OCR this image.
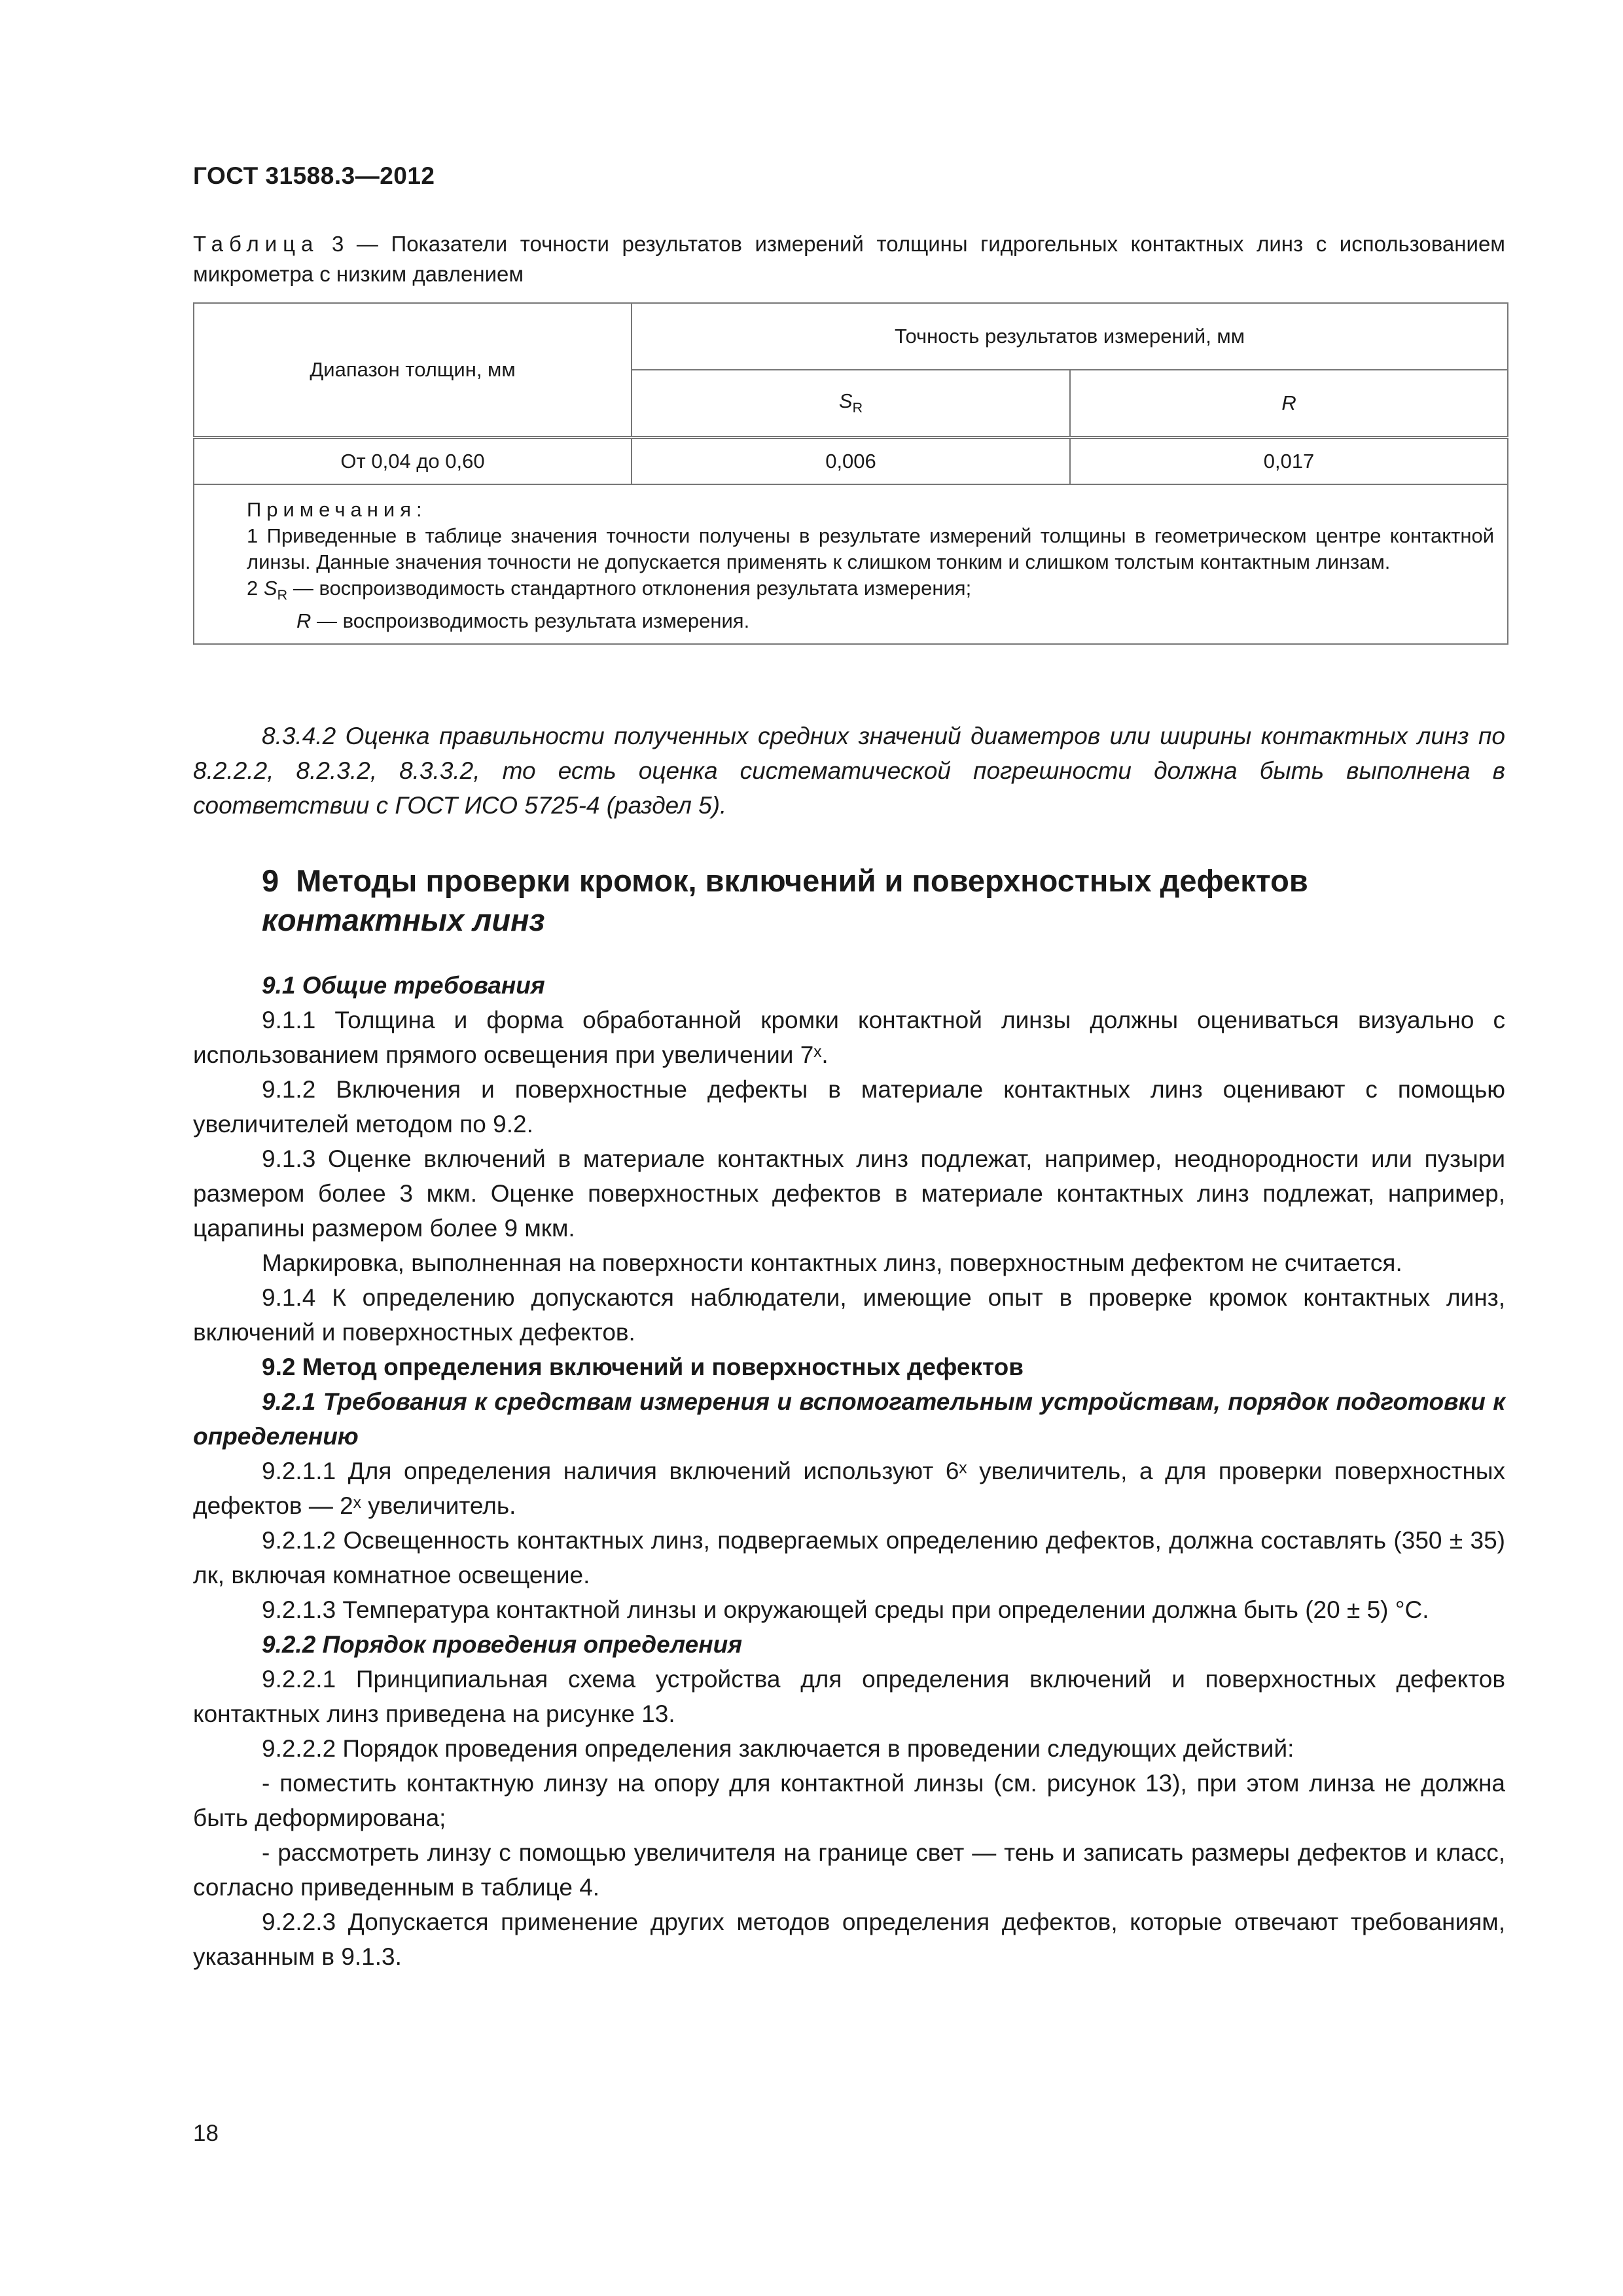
ГОСТ 31588.3—2012
Таблица 3 — Показатели точности результатов измерений толщины гидрогельных контактных линз с использованием микрометра с низким давлением
Диапазон толщин, мм	Точность результатов измерений, мм	
	$S_R$	R
От 0,04 до 0,60	0,006	0,017

Примечания:
1 Приведенные в таблице значения точности получены в результате измерений толщины в геометрическом центре контактной линзы. Данные значения точности не допускается применять к слишком тонким и слишком толстым контактным линзам.
2 $S_R$ — воспроизводимость стандартного отклонения результата измерения;
R — воспроизводимость результата измерения.		

8.3.4.2 Оценка правильности полученных средних значений диаметров или ширины контактных линз по 8.2.2.2, 8.2.3.2, 8.3.3.2, то есть оценка систематической погрешности должна быть выполнена в соответствии с ГОСТ ИСО 5725-4 (раздел 5).

9 Методы проверки кромок, включений и поверхностных дефектов
контактных линз

9.1 Общие требования

9.1.1 Толщина и форма обработанной кромки контактной линзы должны оцениваться визуально с использованием прямого освещения при увеличении 7ˣ.

9.1.2 Включения и поверхностные дефекты в материале контактных линз оценивают с помощью увеличителей методом по 9.2.

9.1.3 Оценке включений в материале контактных линз подлежат, например, неоднородности или пузыри размером более 3 мкм. Оценке поверхностных дефектов в материале контактных линз подлежат, например, царапины размером более 9 мкм.

Маркировка, выполненная на поверхности контактных линз, поверхностным дефектом не считается.

9.1.4 К определению допускаются наблюдатели, имеющие опыт в проверке кромок контактных линз, включений и поверхностных дефектов.

9.2 Метод определения включений и поверхностных дефектов

9.2.1 Требования к средствам измерения и вспомогательным устройствам, порядок подготовки к определению

9.2.1.1 Для определения наличия включений используют 6ˣ увеличитель, а для проверки поверхностных дефектов — 2ˣ увеличитель.

9.2.1.2 Освещенность контактных линз, подвергаемых определению дефектов, должна составлять (350 ± 35) лк, включая комнатное освещение.

9.2.1.3 Температура контактной линзы и окружающей среды при определении должна быть (20 ± 5) °С.

9.2.2 Порядок проведения определения

9.2.2.1 Принципиальная схема устройства для определения включений и поверхностных дефектов контактных линз приведена на рисунке 13.

9.2.2.2 Порядок проведения определения заключается в проведении следующих действий:

- поместить контактную линзу на опору для контактной линзы (см. рисунок 13), при этом линза не должна быть деформирована;

- рассмотреть линзу с помощью увеличителя на границе свет — тень и записать размеры дефектов и класс, согласно приведенным в таблице 4.

9.2.2.3 Допускается применение других методов определения дефектов, которые отвечают требованиям, указанным в 9.1.3.

18
